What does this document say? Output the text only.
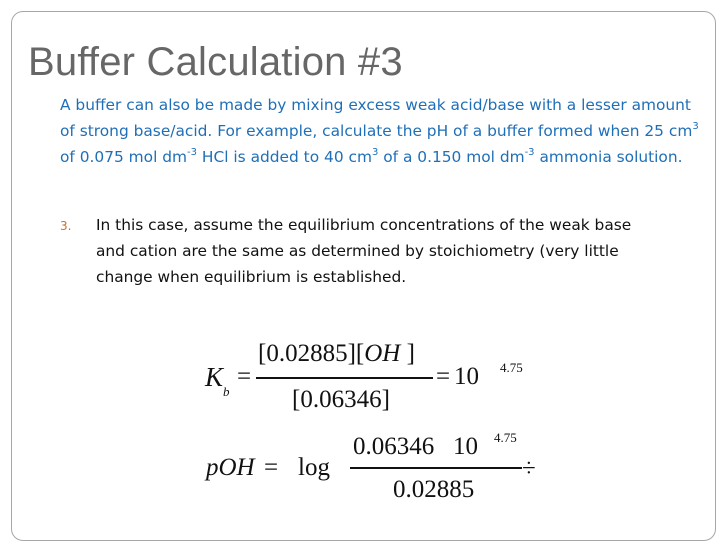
Buffer Calculation #3
A buffer can also be made by mixing excess weak acid/base with a lesser amount of strong base/acid. For example, calculate the pH of a buffer formed when 25 $cm^3$ of 0.075 mol $dm^{-3}$ HCl is added to 40 $cm^3$ of a 0.150 mol $dm^{-3}$ ammonia solution.
3. In this case, assume the equilibrium concentrations of the weak base and cation are the same as determined by stoichiometry (very little change when equilibrium is established.
K b
=
[0.02885][OH ]
[0.06346]
= 10 4.75
pOH = log
0.06346   10 4.75
0.02885
÷
